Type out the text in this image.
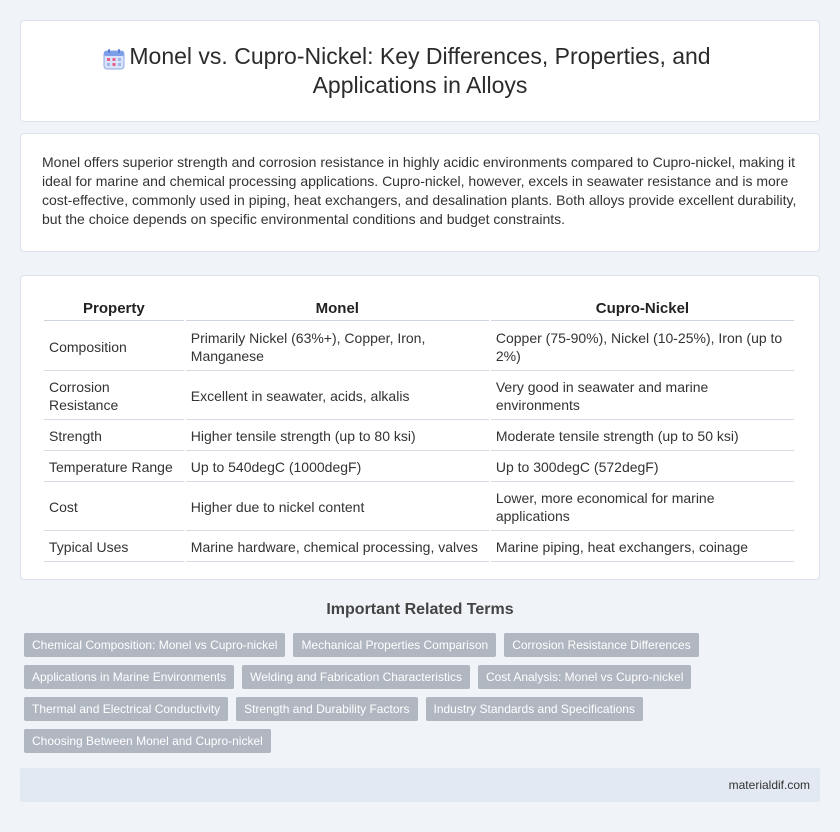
Monel vs. Cupro-Nickel: Key Differences, Properties, and Applications in Alloys

Monel offers superior strength and corrosion resistance in highly acidic environments compared to Cupro-nickel, making it ideal for marine and chemical processing applications. Cupro-nickel, however, excels in seawater resistance and is more cost-effective, commonly used in piping, heat exchangers, and desalination plants. Both alloys provide excellent durability, but the choice depends on specific environmental conditions and budget constraints.

Property	Monel	Cupro-Nickel
Composition	Primarily Nickel (63%+), Copper, Iron, Manganese	Copper (75-90%), Nickel (10-25%), Iron (up to 2%)
Corrosion Resistance	Excellent in seawater, acids, alkalis	Very good in seawater and marine environments
Strength	Higher tensile strength (up to 80 ksi)	Moderate tensile strength (up to 50 ksi)
Temperature Range	Up to 540degC (1000degF)	Up to 300degC (572degF)
Cost	Higher due to nickel content	Lower, more economical for marine applications
Typical Uses	Marine hardware, chemical processing, valves	Marine piping, heat exchangers, coinage
Important Related Terms
Chemical Composition: Monel vs Cupro-nickel	Mechanical Properties Comparison	Corrosion Resistance Differences
Applications in Marine Environments	Welding and Fabrication Characteristics	Cost Analysis: Monel vs Cupro-nickel
Thermal and Electrical Conductivity	Strength and Durability Factors	Industry Standards and Specifications
Choosing Between Monel and Cupro-nickel
materialdif.com
